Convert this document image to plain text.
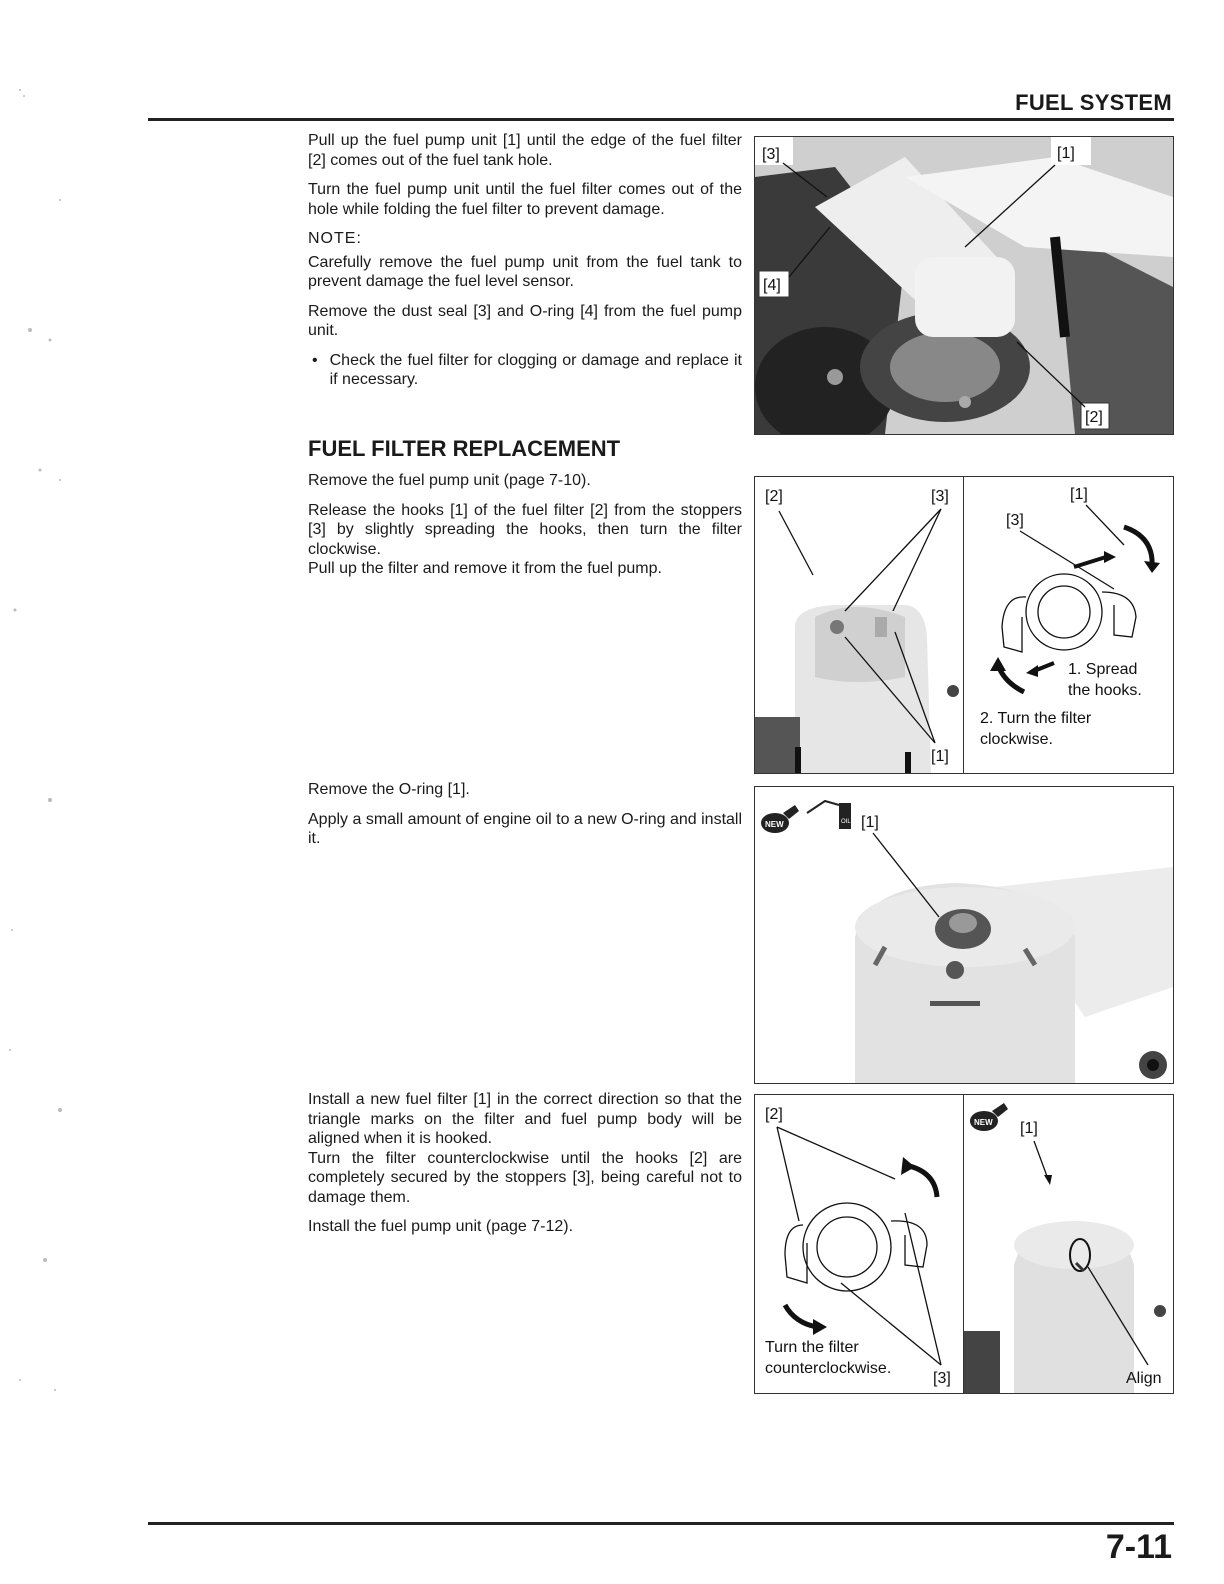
FUEL SYSTEM

Pull up the fuel pump unit [1] until the edge of the fuel filter [2] comes out of the fuel tank hole.

Turn the fuel pump unit until the fuel filter comes out of the hole while folding the fuel filter to prevent damage.

NOTE:

Carefully remove the fuel pump unit from the fuel tank to prevent damage the fuel level sensor.

Remove the dust seal [3] and O-ring [4] from the fuel pump unit.

• Check the fuel filter for clogging or damage and replace it if necessary.
[3]	[1]
[4]
[2]
FUEL FILTER REPLACEMENT

Remove the fuel pump unit (page 7-10).

Release the hooks [1] of the fuel filter [2] from the stoppers [3] by slightly spreading the hooks, then turn the filter clockwise.

Pull up the filter and remove it from the fuel pump.

[2]	[3]
[1]
[1]
[3]
1. Spread
the hooks.
2. Turn the filter
clockwise.

Remove the O-ring [1].

Apply a small amount of engine oil to a new O-ring and install it.

NEW	OIL [1]

Install a new fuel filter [1] in the correct direction so that the triangle marks on the filter and fuel pump body will be aligned when it is hooked.

Turn the filter counterclockwise until the hooks [2] are completely secured by the stoppers [3], being careful not to damage them.

Install the fuel pump unit (page 7-12).

[2]
Turn the filter
counterclockwise.
[3]
NEW [1]
Align
7-11
